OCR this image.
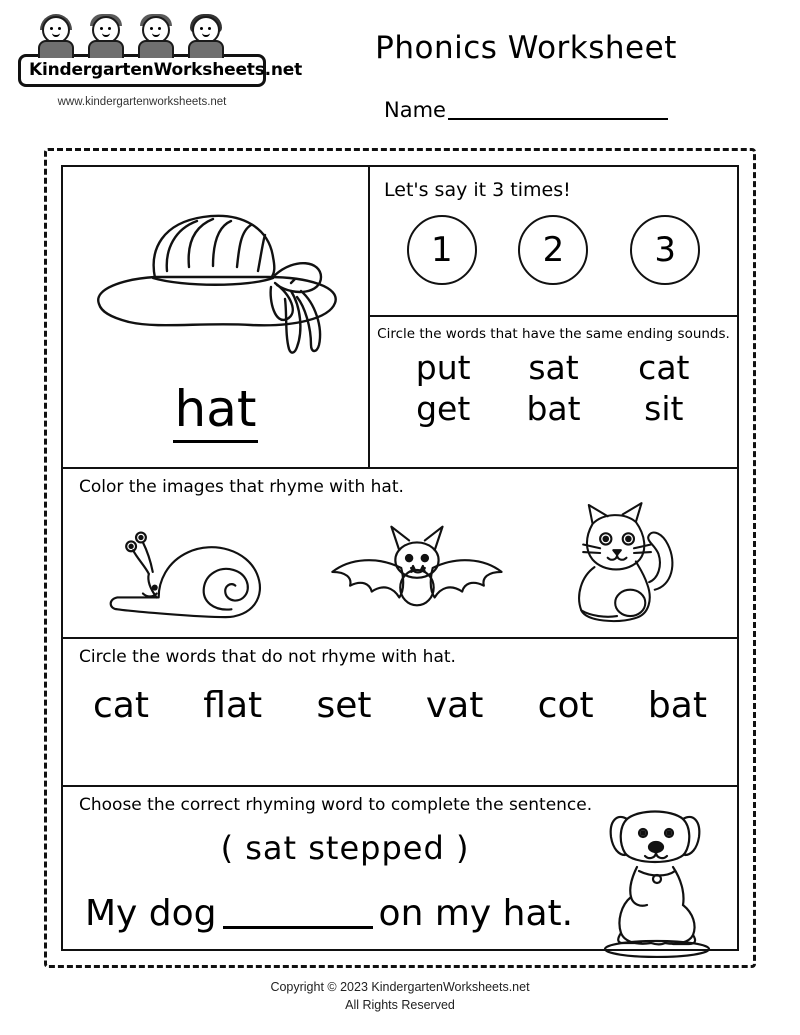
KindergartenWorksheets.net
www.kindergartenworksheets.net
Phonics Worksheet
Name
hat
Let's say it 3 times!
1	2	3
Circle the words that have the same ending sounds.
put	sat	cat
get	bat	sit
Color the images that rhyme with hat.
Circle the words that do not rhyme with hat.
cat flat set vat cot bat
Choose the correct rhyming word to complete the sentence.
( sat stepped )
My dog	on my hat.
Copyright © 2023 KindergartenWorksheets.net
All Rights Reserved
